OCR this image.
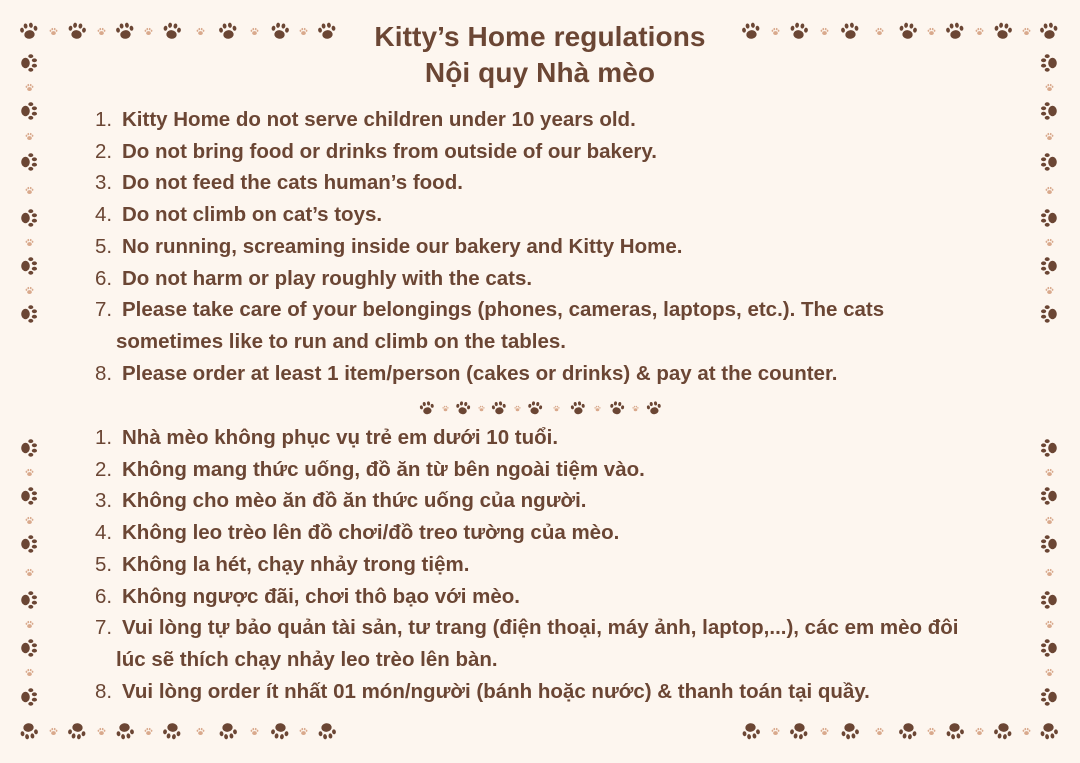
Kitty’s Home regulations
Nội quy Nhà mèo
1. Kitty Home do not serve children under 10 years old.
2. Do not bring food or drinks from outside of our bakery.
3. Do not feed the cats human’s food.
4. Do not climb on cat’s toys.
5. No running, screaming inside our bakery and Kitty Home.
6. Do not harm or play roughly with the cats.
7. Please take care of your belongings (phones, cameras, laptops, etc.). The cats
sometimes like to run and climb on the tables.
8. Please order at least 1 item/person (cakes or drinks) & pay at the counter.
1. Nhà mèo không phục vụ trẻ em dưới 10 tuổi.
2. Không mang thức uống, đồ ăn từ bên ngoài tiệm vào.
3. Không cho mèo ăn đồ ăn thức uống của người.
4. Không leo trèo lên đồ chơi/đồ treo tường của mèo.
5. Không la hét, chạy nhảy trong tiệm.
6. Không ngược đãi, chơi thô bạo với mèo.
7. Vui lòng tự bảo quản tài sản, tư trang (điện thoại, máy ảnh, laptop,...), các em mèo đôi
lúc sẽ thích chạy nhảy leo trèo lên bàn.
8. Vui lòng order ít nhất 01 món/người (bánh hoặc nước) & thanh toán tại quầy.
